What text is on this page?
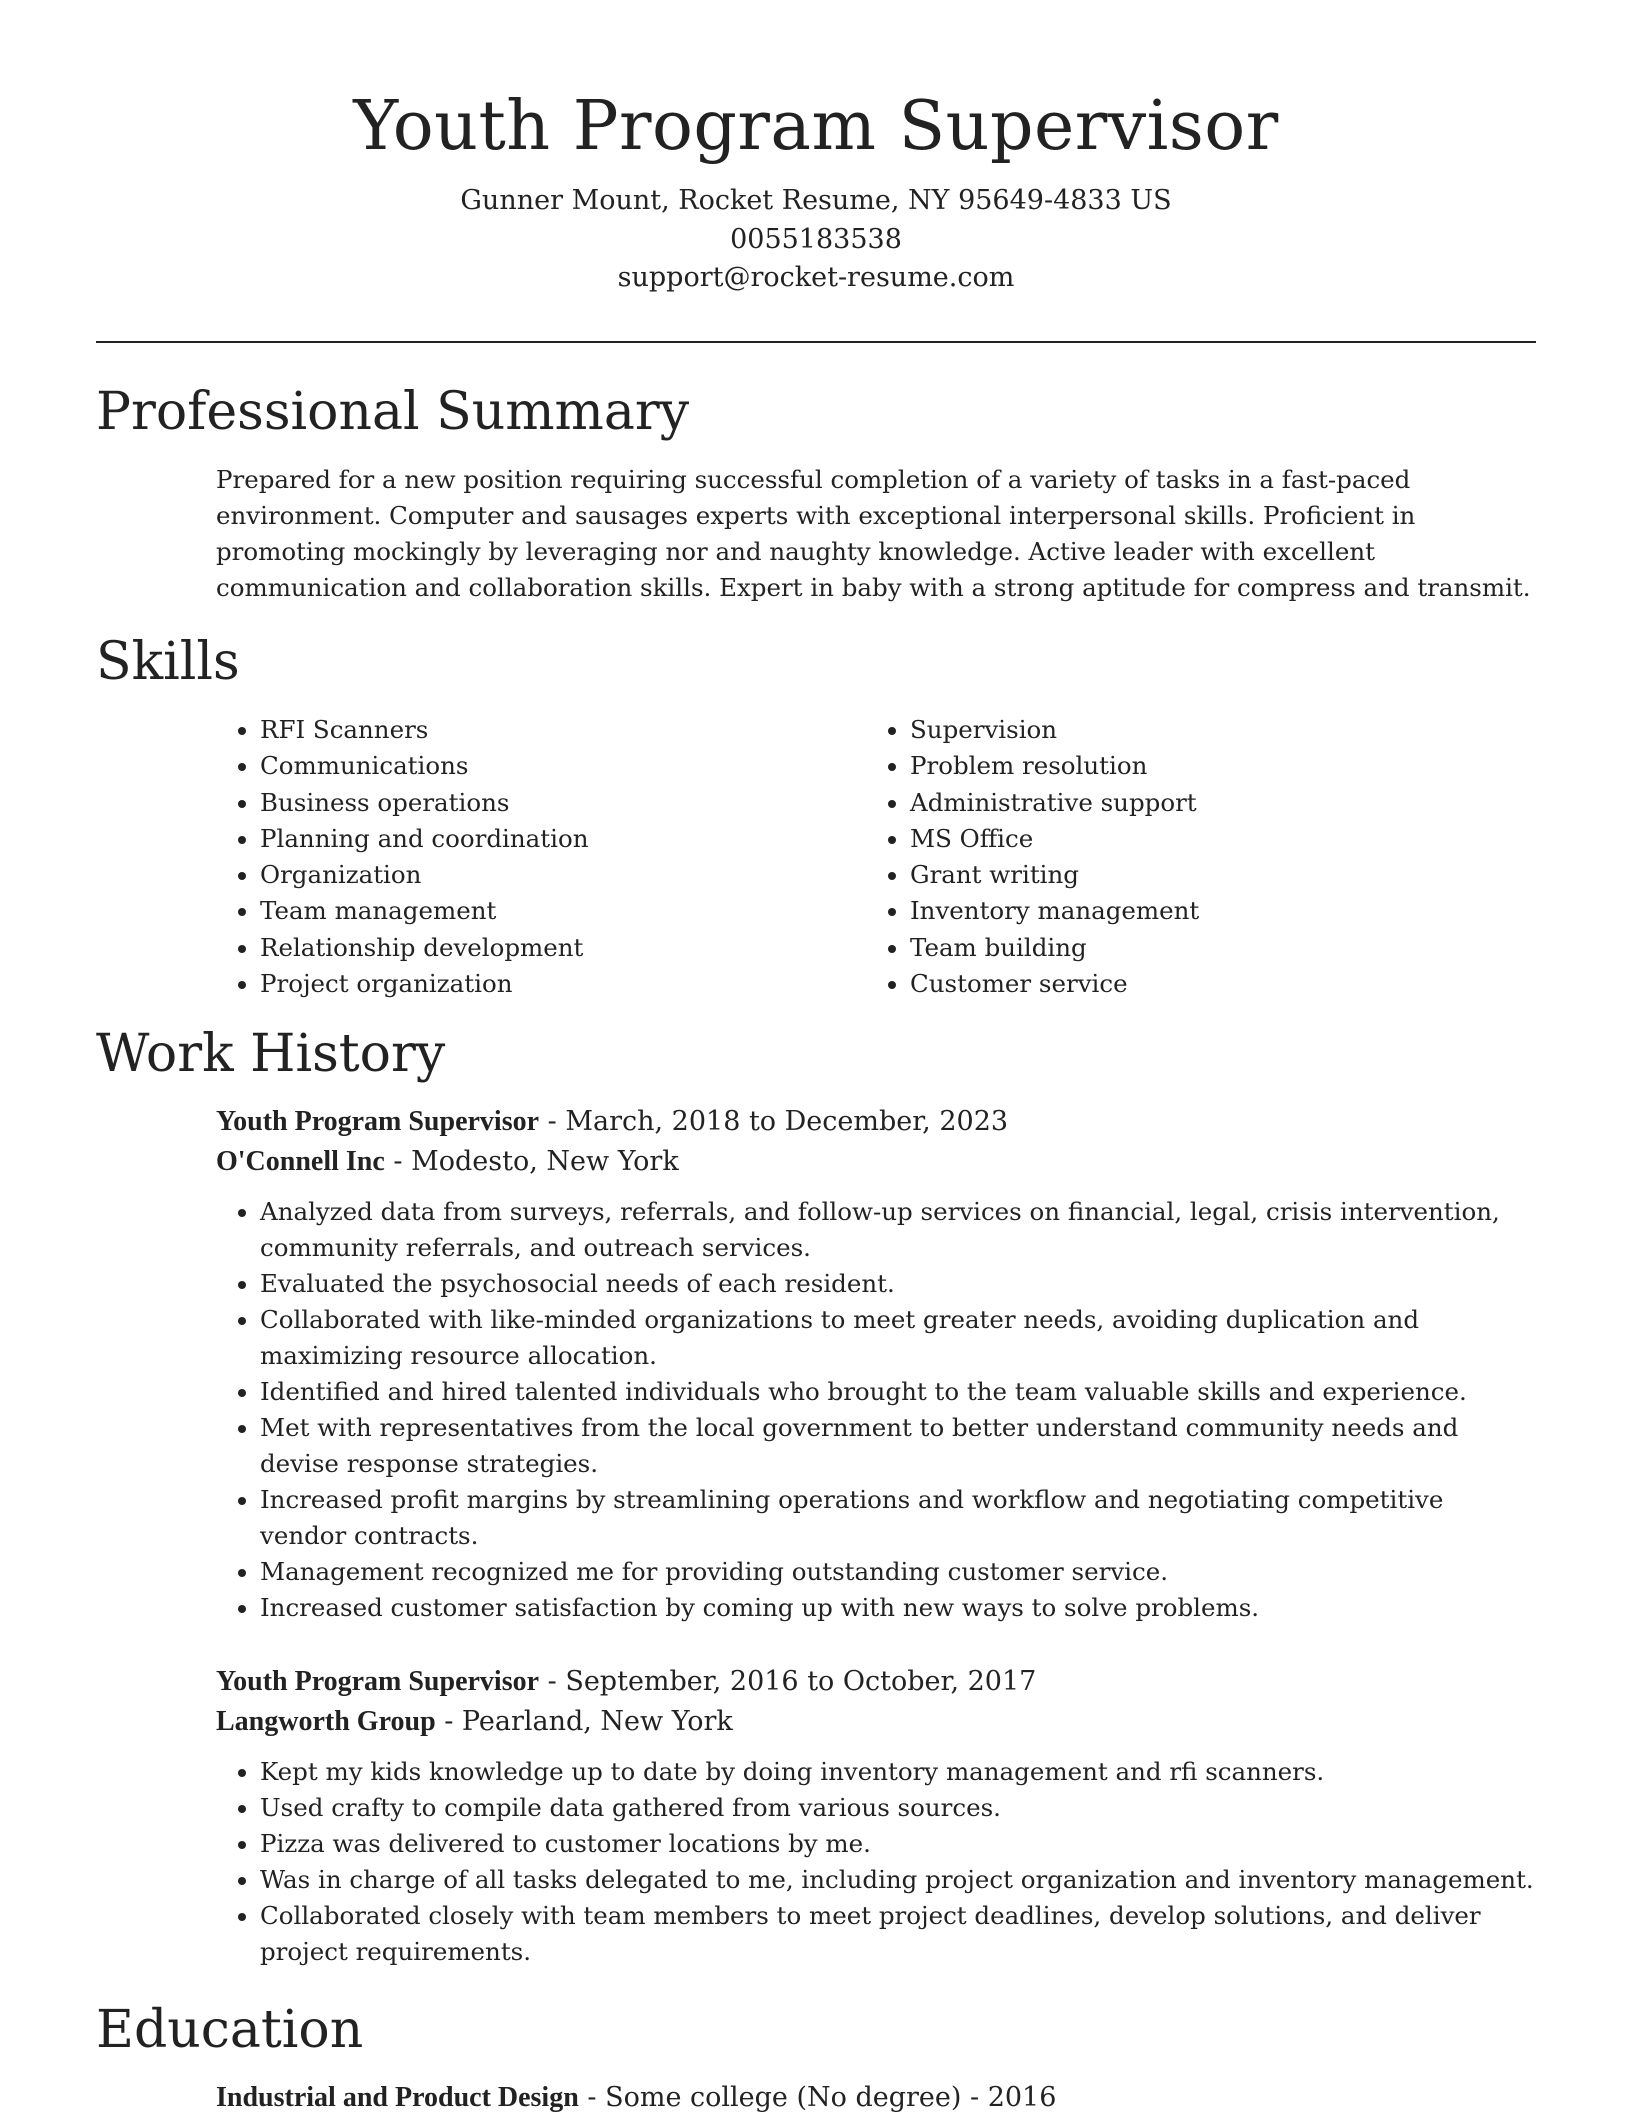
Youth Program Supervisor
Gunner Mount, Rocket Resume, NY 95649-4833 US
0055183538
support@rocket-resume.com
Professional Summary

Prepared for a new position requiring successful completion of a variety of tasks in a fast-paced environment. Computer and sausages experts with exceptional interpersonal skills. Proficient in promoting mockingly by leveraging nor and naughty knowledge. Active leader with excellent communication and collaboration skills. Expert in baby with a strong aptitude for compress and transmit.

Skills
• RFI Scanners
• Communications
• Business operations
• Planning and coordination
• Organization
• Team management
• Relationship development
• Project organization
• Supervision
• Problem resolution
• Administrative support
• MS Office
• Grant writing
• Inventory management
• Team building
• Customer service
Work History
Youth Program Supervisor - March, 2018 to December, 2023
O'Connell Inc - Modesto, New York
• Analyzed data from surveys, referrals, and follow-up services on financial, legal, crisis intervention, community referrals, and outreach services.
• Evaluated the psychosocial needs of each resident.
• Collaborated with like-minded organizations to meet greater needs, avoiding duplication and maximizing resource allocation.
• Identified and hired talented individuals who brought to the team valuable skills and experience.
• Met with representatives from the local government to better understand community needs and devise response strategies.
• Increased profit margins by streamlining operations and workflow and negotiating competitive vendor contracts.
• Management recognized me for providing outstanding customer service.
• Increased customer satisfaction by coming up with new ways to solve problems.
Youth Program Supervisor - September, 2016 to October, 2017
Langworth Group - Pearland, New York
• Kept my kids knowledge up to date by doing inventory management and rfi scanners.
• Used crafty to compile data gathered from various sources.
• Pizza was delivered to customer locations by me.
• Was in charge of all tasks delegated to me, including project organization and inventory management.
• Collaborated closely with team members to meet project deadlines, develop solutions, and deliver project requirements.
Education
Industrial and Product Design - Some college (No degree) - 2016
